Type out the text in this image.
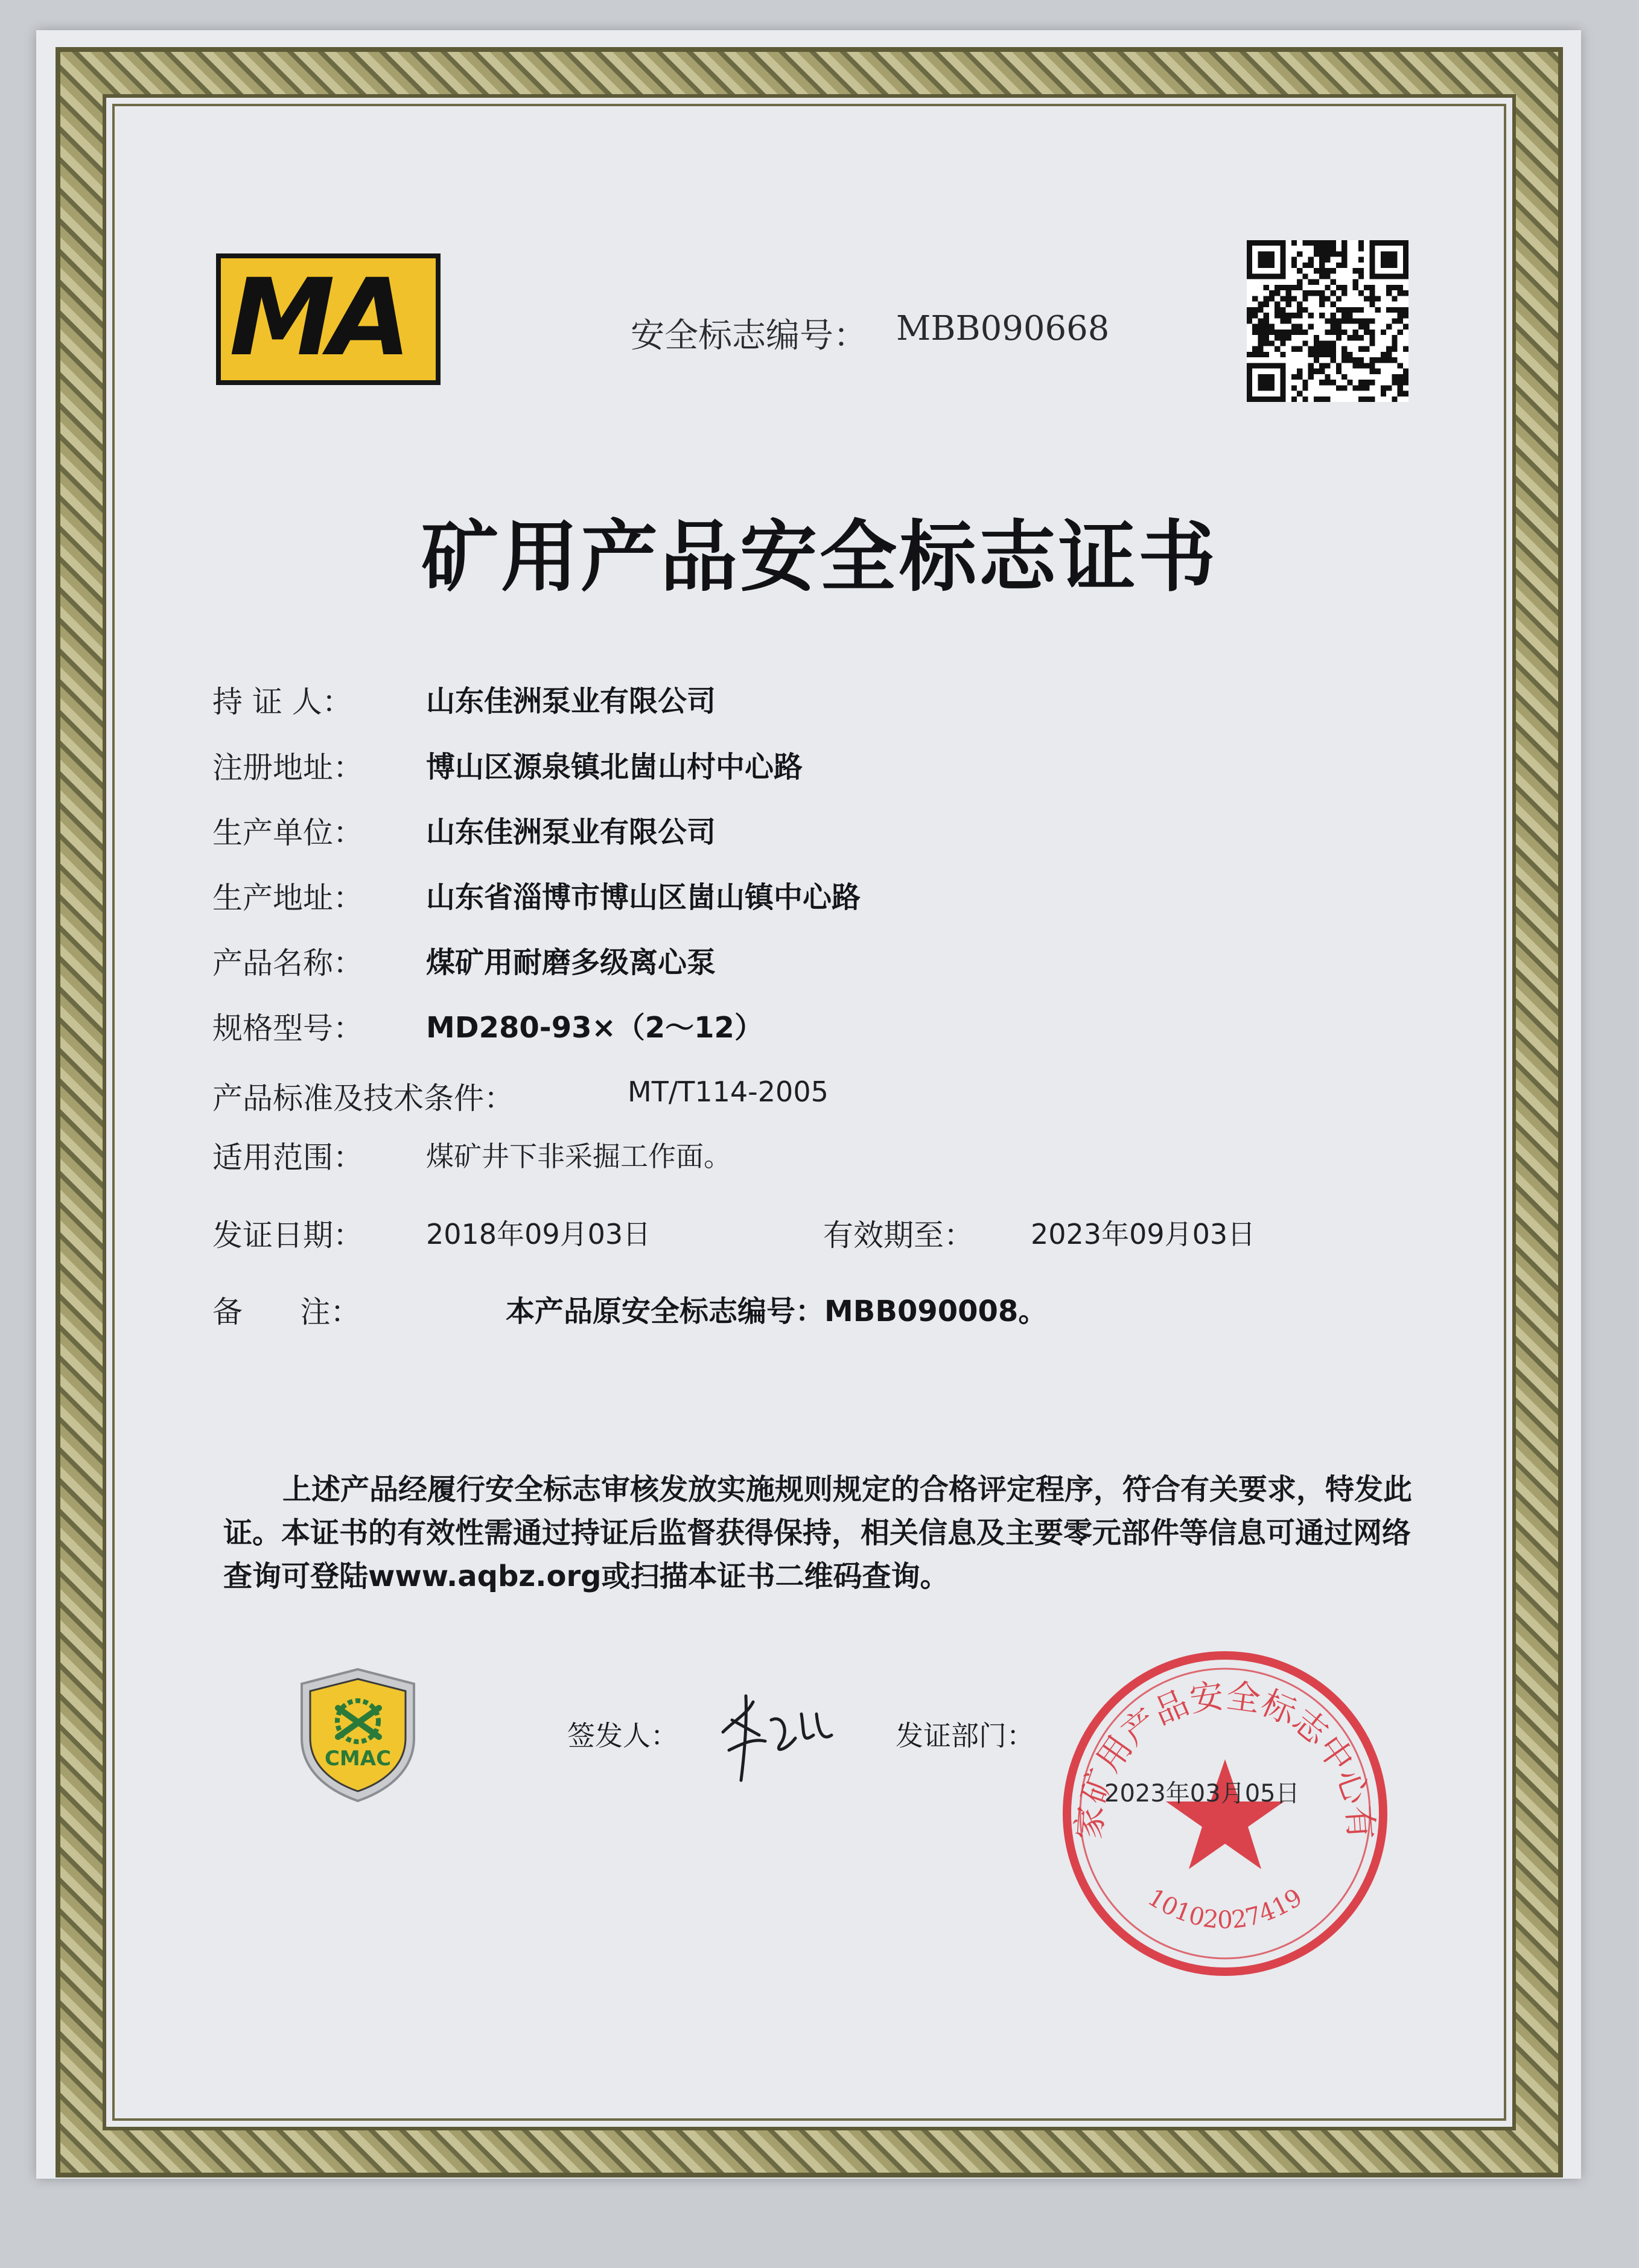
MA	安全标志编号： MBB090668
矿用产品安全标志证书
持 证 人：	山东佳洲泵业有限公司
注册地址： 博山区源泉镇北崮山村中心路
生产单位： 山东佳洲泵业有限公司
生产地址： 山东省淄博市博山区崮山镇中心路
产品名称： 煤矿用耐磨多级离心泵
规格型号： MD280-93×（2～12）
产品标准及技术条件：	MT/T114-2005
适用范围： 煤矿井下非采掘工作面。
发证日期： 2018年09月03日	有效期至： 2023年09月03日
备      注：	本产品原安全标志编号：MBB090008。
上述产品经履行安全标志审核发放实施规则规定的合格评定程序，符合有关要求，特发此证。本证书的有效性需通过持证后监督获得保持，相关信息及主要零元部件等信息可通过网络查询可登陆www.aqbz.org或扫描本证书二维码查询。
CMAC
签发人：	发证部门：
家矿用产品安全标志中心有
10102027419
2023年03月05日
